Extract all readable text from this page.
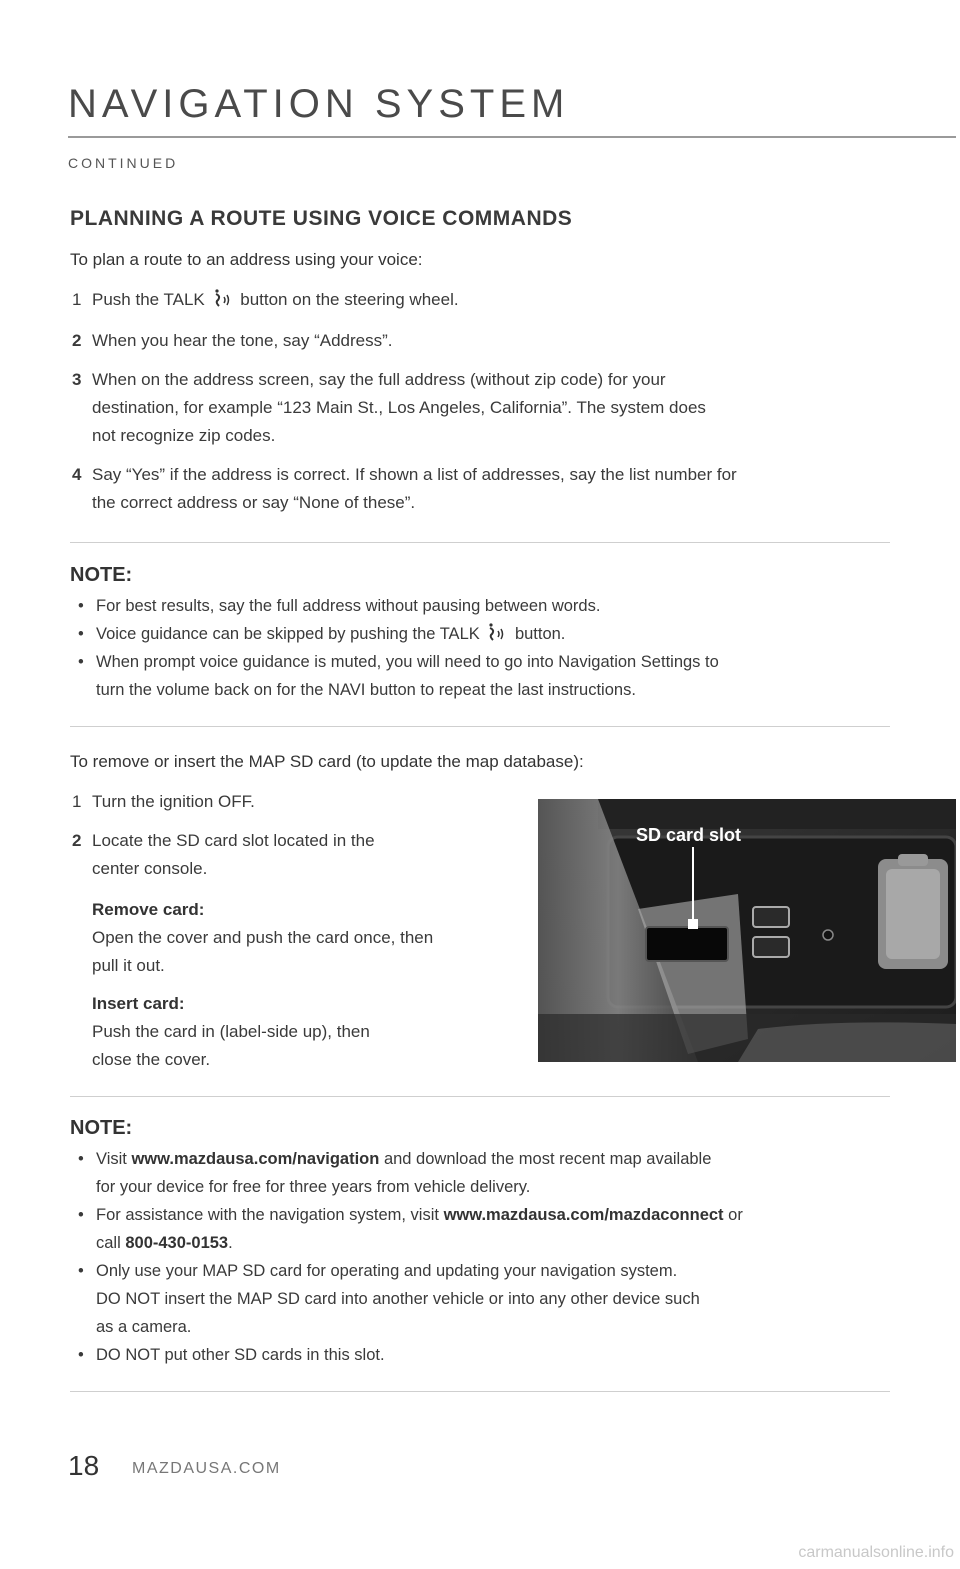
NAVIGATION SYSTEM
CONTINUED
PLANNING A ROUTE USING VOICE COMMANDS
To plan a route to an address using your voice:
1 Push the TALK button on the steering wheel.
2 When you hear the tone, say “Address”.
3 When on the address screen, say the full address (without zip code) for your
destination, for example “123 Main St., Los Angeles, California”. The system does
not recognize zip codes.
4 Say “Yes” if the address is correct. If shown a list of addresses, say the list number for
the correct address or say “None of these”.
NOTE:
• For best results, say the full address without pausing between words.
• Voice guidance can be skipped by pushing the TALK button.
• When prompt voice guidance is muted, you will need to go into Navigation Settings to
turn the volume back on for the NAVI button to repeat the last instructions.
To remove or insert the MAP SD card (to update the map database):
1 Turn the ignition OFF.
2 Locate the SD card slot located in the
center console.
Remove card:
Open the cover and push the card once, then
pull it out.
Insert card:
Push the card in (label-side up), then
close the cover.
SD card slot
NOTE:
• Visit www.mazdausa.com/navigation and download the most recent map available
for your device for free for three years from vehicle delivery.
• For assistance with the navigation system, visit www.mazdausa.com/mazdaconnect or
call 800-430-0153.
• Only use your MAP SD card for operating and updating your navigation system.
DO NOT insert the MAP SD card into another vehicle or into any other device such
as a camera.
• DO NOT put other SD cards in this slot.
18 MAZDAUSA.COM
carmanualsonline.info
